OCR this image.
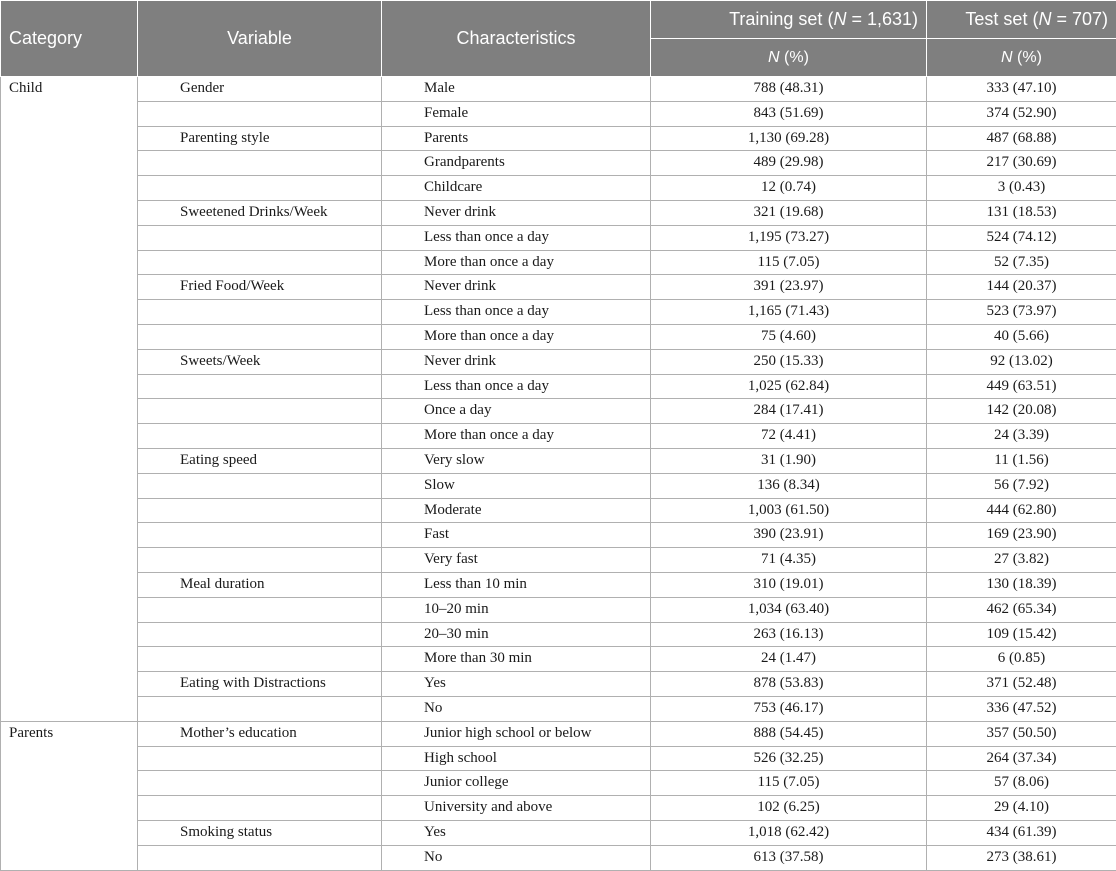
Category	Variable	Characteristics	Training set (N = 1,631)	Test set (N = 707)
			N (%)	N (%)
Child	Gender	Male	788 (48.31)	333 (47.10)
		Female	843 (51.69)	374 (52.90)
	Parenting style	Parents	1,130 (69.28)	487 (68.88)
		Grandparents	489 (29.98)	217 (30.69)
		Childcare	12 (0.74)	3 (0.43)
	Sweetened Drinks/Week	Never drink	321 (19.68)	131 (18.53)
		Less than once a day	1,195 (73.27)	524 (74.12)
		More than once a day	115 (7.05)	52 (7.35)
	Fried Food/Week	Never drink	391 (23.97)	144 (20.37)
		Less than once a day	1,165 (71.43)	523 (73.97)
		More than once a day	75 (4.60)	40 (5.66)
	Sweets/Week	Never drink	250 (15.33)	92 (13.02)
		Less than once a day	1,025 (62.84)	449 (63.51)
		Once a day	284 (17.41)	142 (20.08)
		More than once a day	72 (4.41)	24 (3.39)
	Eating speed	Very slow	31 (1.90)	11 (1.56)
		Slow	136 (8.34)	56 (7.92)
		Moderate	1,003 (61.50)	444 (62.80)
		Fast	390 (23.91)	169 (23.90)
		Very fast	71 (4.35)	27 (3.82)
	Meal duration	Less than 10 min	310 (19.01)	130 (18.39)
		10–20 min	1,034 (63.40)	462 (65.34)
		20–30 min	263 (16.13)	109 (15.42)
		More than 30 min	24 (1.47)	6 (0.85)
	Eating with Distractions	Yes	878 (53.83)	371 (52.48)
		No	753 (46.17)	336 (47.52)
Parents	Mother’s education	Junior high school or below	888 (54.45)	357 (50.50)
		High school	526 (32.25)	264 (37.34)
		Junior college	115 (7.05)	57 (8.06)
		University and above	102 (6.25)	29 (4.10)
	Smoking status	Yes	1,018 (62.42)	434 (61.39)
		No	613 (37.58)	273 (38.61)
